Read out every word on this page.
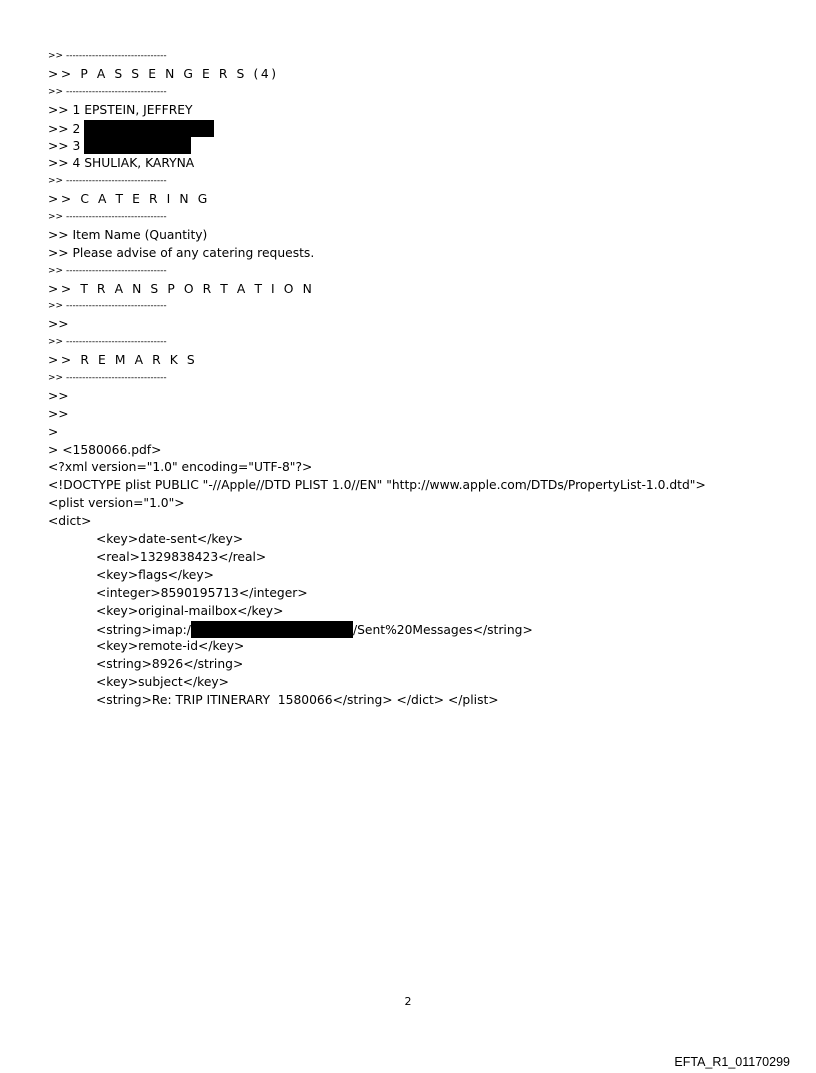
>> -------------------------------
>> P A S S E N G E R S (4)
>> -------------------------------
>> 1 EPSTEIN, JEFFREY
>> 2
>> 3
>> 4 SHULIAK, KARYNA
>> -------------------------------
>> C A T E R I N G
>> -------------------------------
>> Item Name (Quantity)
>> Please advise of any catering requests.
>> -------------------------------
>> T R A N S P O R T A T I O N
>> -------------------------------
>>
>> -------------------------------
>> R E M A R K S
>> -------------------------------
>>
>>
>
> <1580066.pdf>
<?xml version="1.0" encoding="UTF-8"?>
<!DOCTYPE plist PUBLIC "-//Apple//DTD PLIST 1.0//EN" "http://www.apple.com/DTDs/PropertyList-1.0.dtd">
<plist version="1.0">
<dict>
<key>date-sent</key>
<real>1329838423</real>
<key>flags</key>
<integer>8590195713</integer>
<key>original-mailbox</key>
<string>imap:/	/Sent%20Messages</string>
<key>remote-id</key>
<string>8926</string>
<key>subject</key>
<string>Re: TRIP ITINERARY  1580066</string> </dict> </plist>
2
EFTA_R1_01170299
